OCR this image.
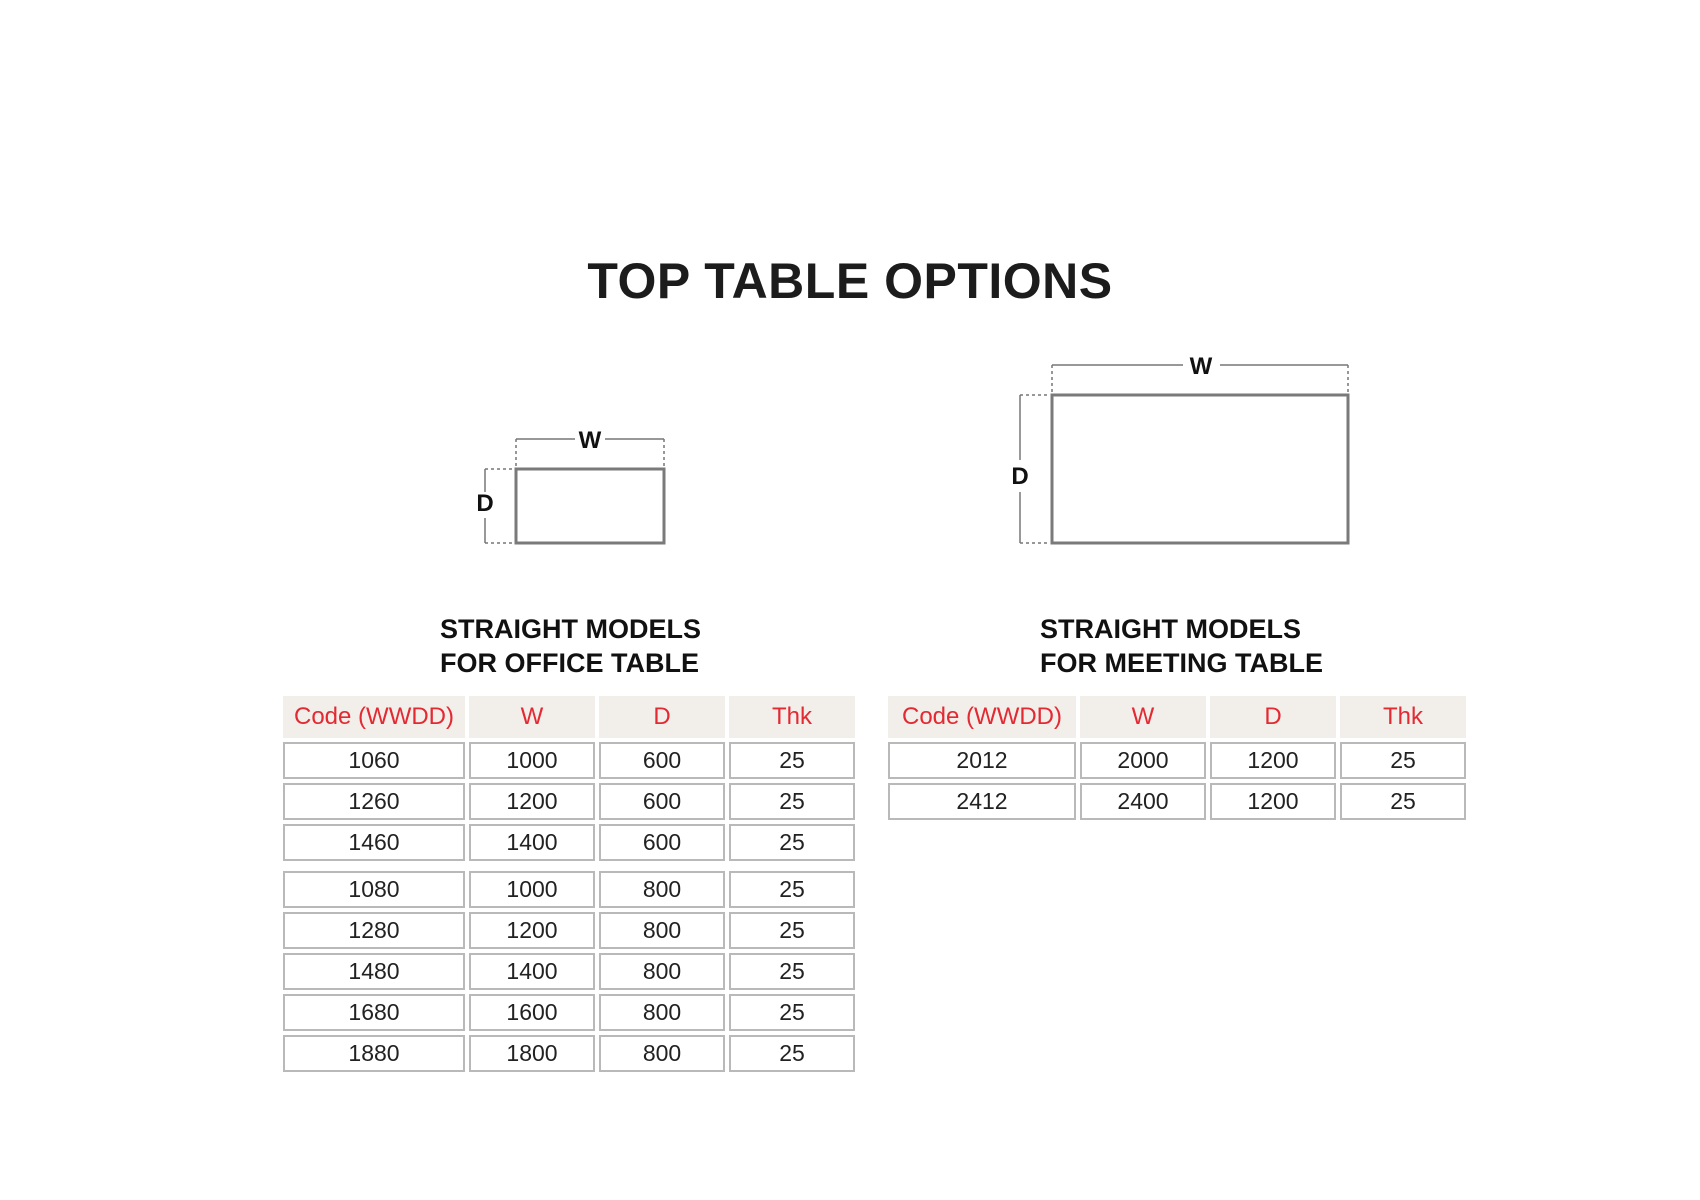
TOP TABLE OPTIONS
W
D
W
D
STRAIGHT MODELS
FOR OFFICE TABLE
STRAIGHT MODELS
FOR MEETING TABLE
Code (WWDD)	W	D	Thk
1060	1000	600	25
1260	1200	600	25
1460	1400	600	25

1080	1000	800	25
1280	1200	800	25
1480	1400	800	25
1680	1600	800	25
1880	1800	800	25
Code (WWDD)	W	D	Thk
2012	2000	1200	25
2412	2400	1200	25
